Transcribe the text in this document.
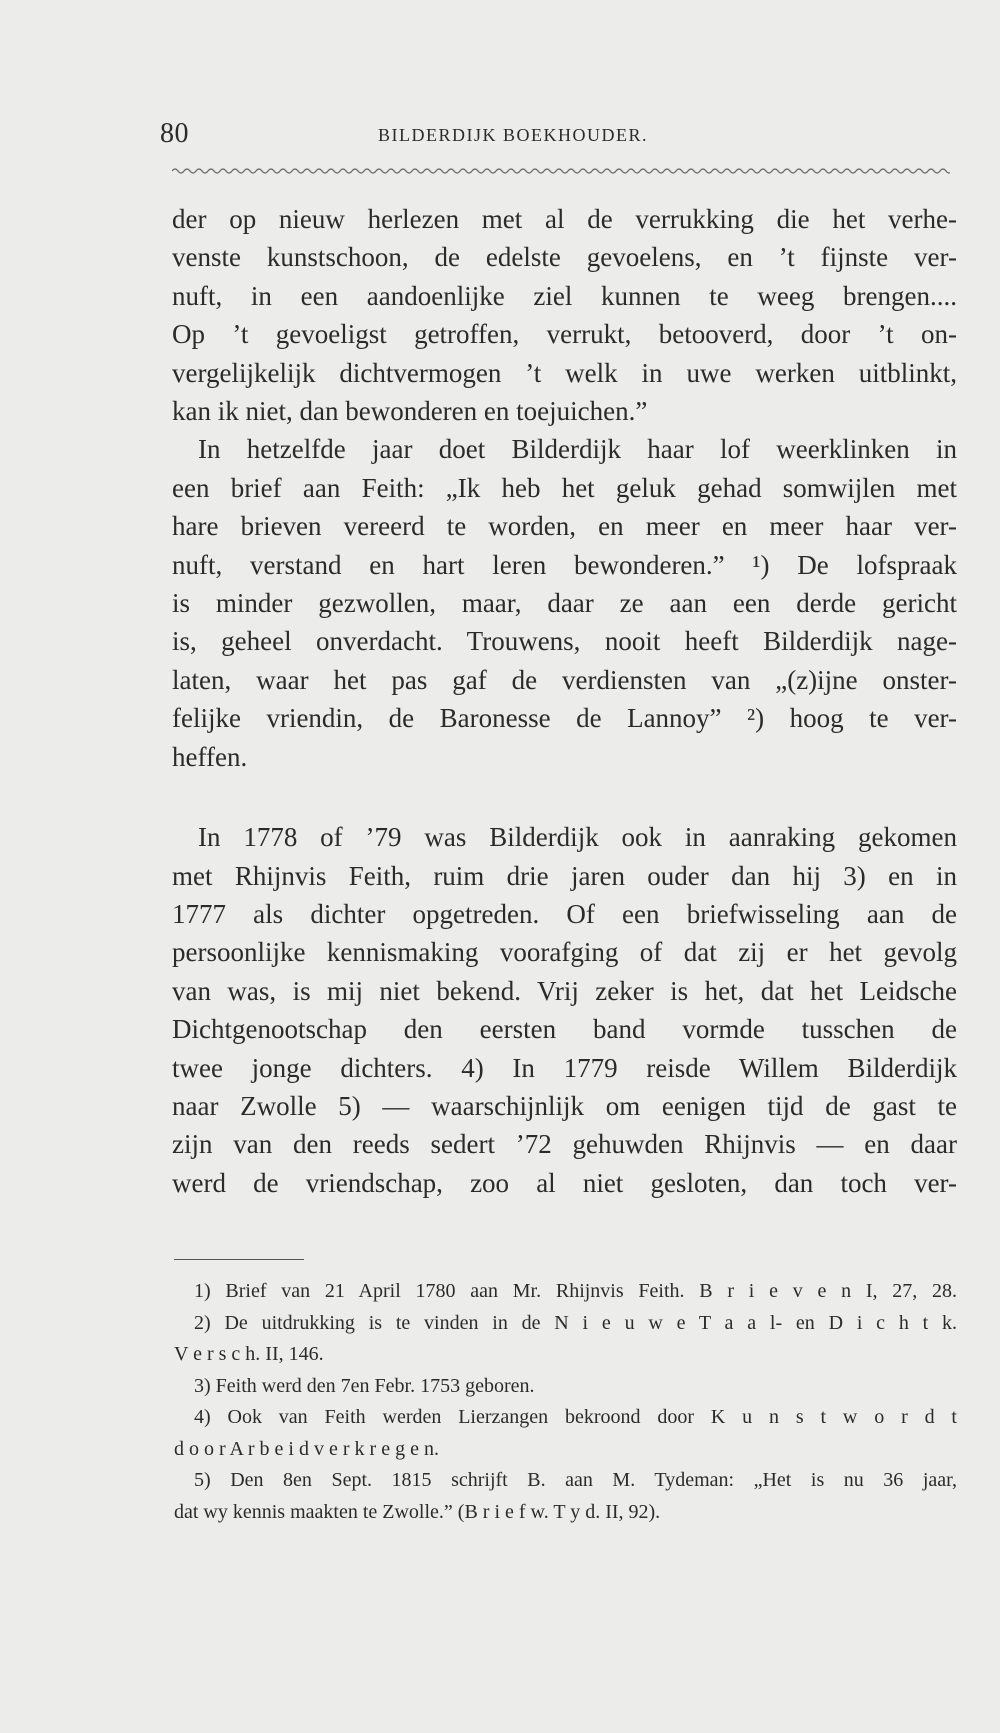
80	BILDERDIJK BOEKHOUDER.
der op nieuw herlezen met al de verrukking die het verhe-
venste kunstschoon, de edelste gevoelens, en ’t fijnste ver-
nuft, in een aandoenlijke ziel kunnen te weeg brengen....
Op ’t gevoeligst getroffen, verrukt, betooverd, door ’t on-
vergelijkelijk dichtvermogen ’t welk in uwe werken uitblinkt,
kan ik niet, dan bewonderen en toejuichen.”
In hetzelfde jaar doet Bilderdijk haar lof weerklinken in
een brief aan Feith: „Ik heb het geluk gehad somwijlen met
hare brieven vereerd te worden, en meer en meer haar ver-
nuft, verstand en hart leren bewonderen.” ¹) De lofspraak
is minder gezwollen, maar, daar ze aan een derde gericht
is, geheel onverdacht. Trouwens, nooit heeft Bilderdijk nage-
laten, waar het pas gaf de verdiensten van „(z)ijne onster-
felijke vriendin, de Baronesse de Lannoy” ²) hoog te ver-
heffen.
In 1778 of ’79 was Bilderdijk ook in aanraking gekomen
met Rhijnvis Feith, ruim drie jaren ouder dan hij 3) en in
1777 als dichter opgetreden. Of een briefwisseling aan de
persoonlijke kennismaking voorafging of dat zij er het gevolg
van was, is mij niet bekend. Vrij zeker is het, dat het Leidsche
Dichtgenootschap den eersten band vormde tusschen de
twee jonge dichters. 4) In 1779 reisde Willem Bilderdijk
naar Zwolle 5) — waarschijnlijk om eenigen tijd de gast te
zijn van den reeds sedert ’72 gehuwden Rhijnvis — en daar
werd de vriendschap, zoo al niet gesloten, dan toch ver-
1) Brief van 21 April 1780 aan Mr. Rhijnvis Feith. B r i e v e n I, 27, 28.
2) De uitdrukking is te vinden in de N i e u w e T a a l- en D i c h t k.
V e r s c h. II, 146.
3) Feith werd den 7en Febr. 1753 geboren.
4) Ook van Feith werden Lierzangen bekroond door K u n s t w o r d t
d o o r A r b e i d v e r k r e g e n.
5) Den 8en Sept. 1815 schrijft B. aan M. Tydeman: „Het is nu 36 jaar,
dat wy kennis maakten te Zwolle.” (B r i e f w. T y d. II, 92).
